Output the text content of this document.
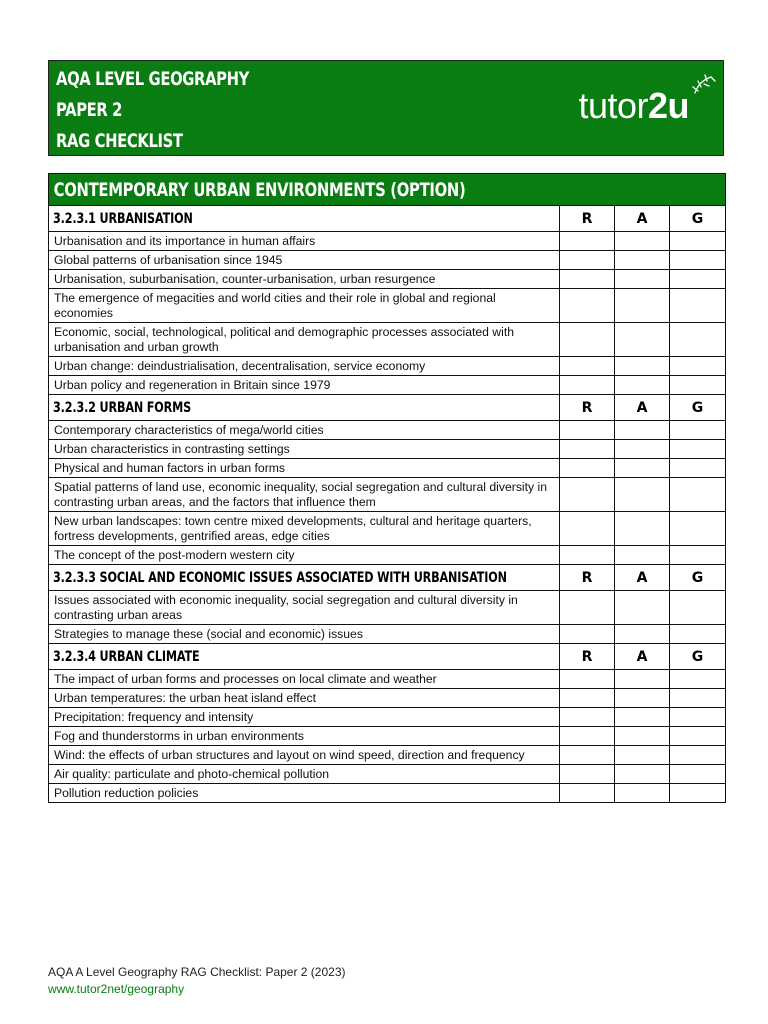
AQA LEVEL GEOGRAPHY
PAPER 2
RAG CHECKLIST
tutor2u
CONTEMPORARY URBAN ENVIRONMENTS (OPTION)			
3.2.3.1 URBANISATION	R	A	G
Urbanisation and its importance in human affairs			
Global patterns of urbanisation since 1945			
Urbanisation, suburbanisation, counter-urbanisation, urban resurgence			
The emergence of megacities and world cities and their role in global and regional economies			
Economic, social, technological, political and demographic processes associated with urbanisation and urban growth			
Urban change: deindustrialisation, decentralisation, service economy			
Urban policy and regeneration in Britain since 1979			
3.2.3.2 URBAN FORMS	R	A	G
Contemporary characteristics of mega/world cities			
Urban characteristics in contrasting settings			
Physical and human factors in urban forms			
Spatial patterns of land use, economic inequality, social segregation and cultural diversity in contrasting urban areas, and the factors that influence them			
New urban landscapes: town centre mixed developments, cultural and heritage quarters, fortress developments, gentrified areas, edge cities			
The concept of the post-modern western city			
3.2.3.3 SOCIAL AND ECONOMIC ISSUES ASSOCIATED WITH URBANISATION	R	A	G
Issues associated with economic inequality, social segregation and cultural diversity in contrasting urban areas			
Strategies to manage these (social and economic) issues			
3.2.3.4 URBAN CLIMATE	R	A	G
The impact of urban forms and processes on local climate and weather			
Urban temperatures: the urban heat island effect			
Precipitation: frequency and intensity			
Fog and thunderstorms in urban environments			
Wind: the effects of urban structures and layout on wind speed, direction and frequency			
Air quality: particulate and photo-chemical pollution			
Pollution reduction policies			
AQA A Level Geography RAG Checklist: Paper 2 (2023)
www.tutor2net/geography
